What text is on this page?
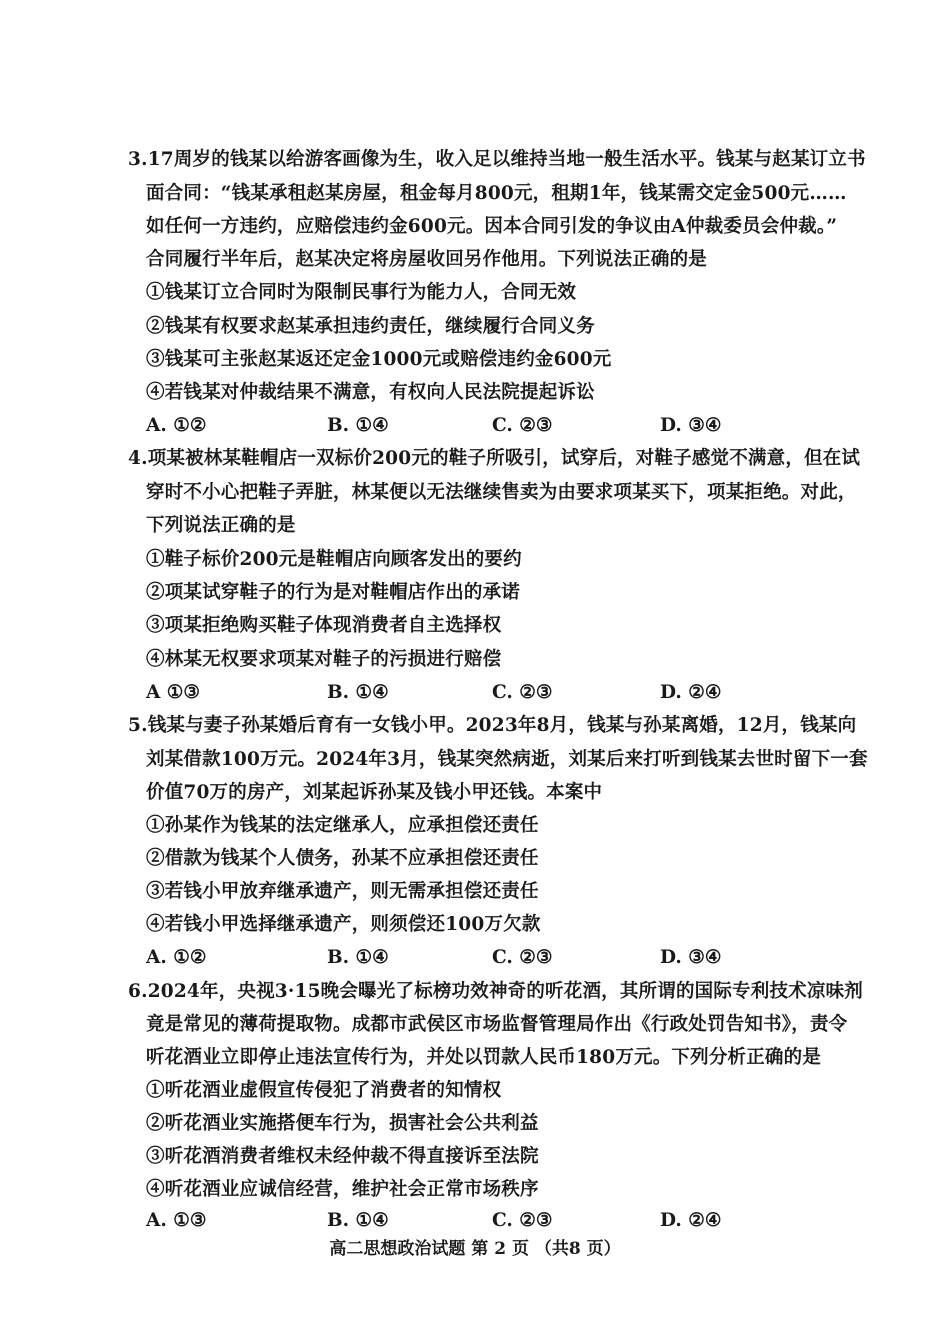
3.17周岁的钱某以给游客画像为生，收入足以维持当地一般生活水平。钱某与赵某订立书
面合同：“钱某承租赵某房屋，租金每月800元，租期1年，钱某需交定金500元……
如任何一方违约，应赔偿违约金600元。因本合同引发的争议由A仲裁委员会仲裁。”
合同履行半年后，赵某决定将房屋收回另作他用。下列说法正确的是
①钱某订立合同时为限制民事行为能力人，合同无效
②钱某有权要求赵某承担违约责任，继续履行合同义务
③钱某可主张赵某返还定金1000元或赔偿违约金600元
④若钱某对仲裁结果不满意，有权向人民法院提起诉讼
A. ①②	B. ①④	C. ②③	D. ③④
4.项某被林某鞋帽店一双标价200元的鞋子所吸引，试穿后，对鞋子感觉不满意，但在试
穿时不小心把鞋子弄脏，林某便以无法继续售卖为由要求项某买下，项某拒绝。对此，
下列说法正确的是
①鞋子标价200元是鞋帽店向顾客发出的要约
②项某试穿鞋子的行为是对鞋帽店作出的承诺
③项某拒绝购买鞋子体现消费者自主选择权
④林某无权要求项某对鞋子的污损进行赔偿
A ①③	B. ①④	C. ②③	D. ②④
5.钱某与妻子孙某婚后育有一女钱小甲。2023年8月，钱某与孙某离婚，12月，钱某向
刘某借款100万元。2024年3月，钱某突然病逝，刘某后来打听到钱某去世时留下一套
价值70万的房产，刘某起诉孙某及钱小甲还钱。本案中
①孙某作为钱某的法定继承人，应承担偿还责任
②借款为钱某个人债务，孙某不应承担偿还责任
③若钱小甲放弃继承遗产，则无需承担偿还责任
④若钱小甲选择继承遗产，则须偿还100万欠款
A. ①②	B. ①④	C. ②③	D. ③④
6.2024年，央视3·15晚会曝光了标榜功效神奇的听花酒，其所谓的国际专利技术凉味剂
竟是常见的薄荷提取物。成都市武侯区市场监督管理局作出《行政处罚告知书》，责令
听花酒业立即停止违法宣传行为，并处以罚款人民币180万元。下列分析正确的是
①听花酒业虚假宣传侵犯了消费者的知情权
②听花酒业实施搭便车行为，损害社会公共利益
③听花酒消费者维权未经仲裁不得直接诉至法院
④听花酒业应诚信经营，维护社会正常市场秩序
A. ①③	B. ①④	C. ②③	D. ②④
高二思想政治试题 第 2 页 （共8 页）
